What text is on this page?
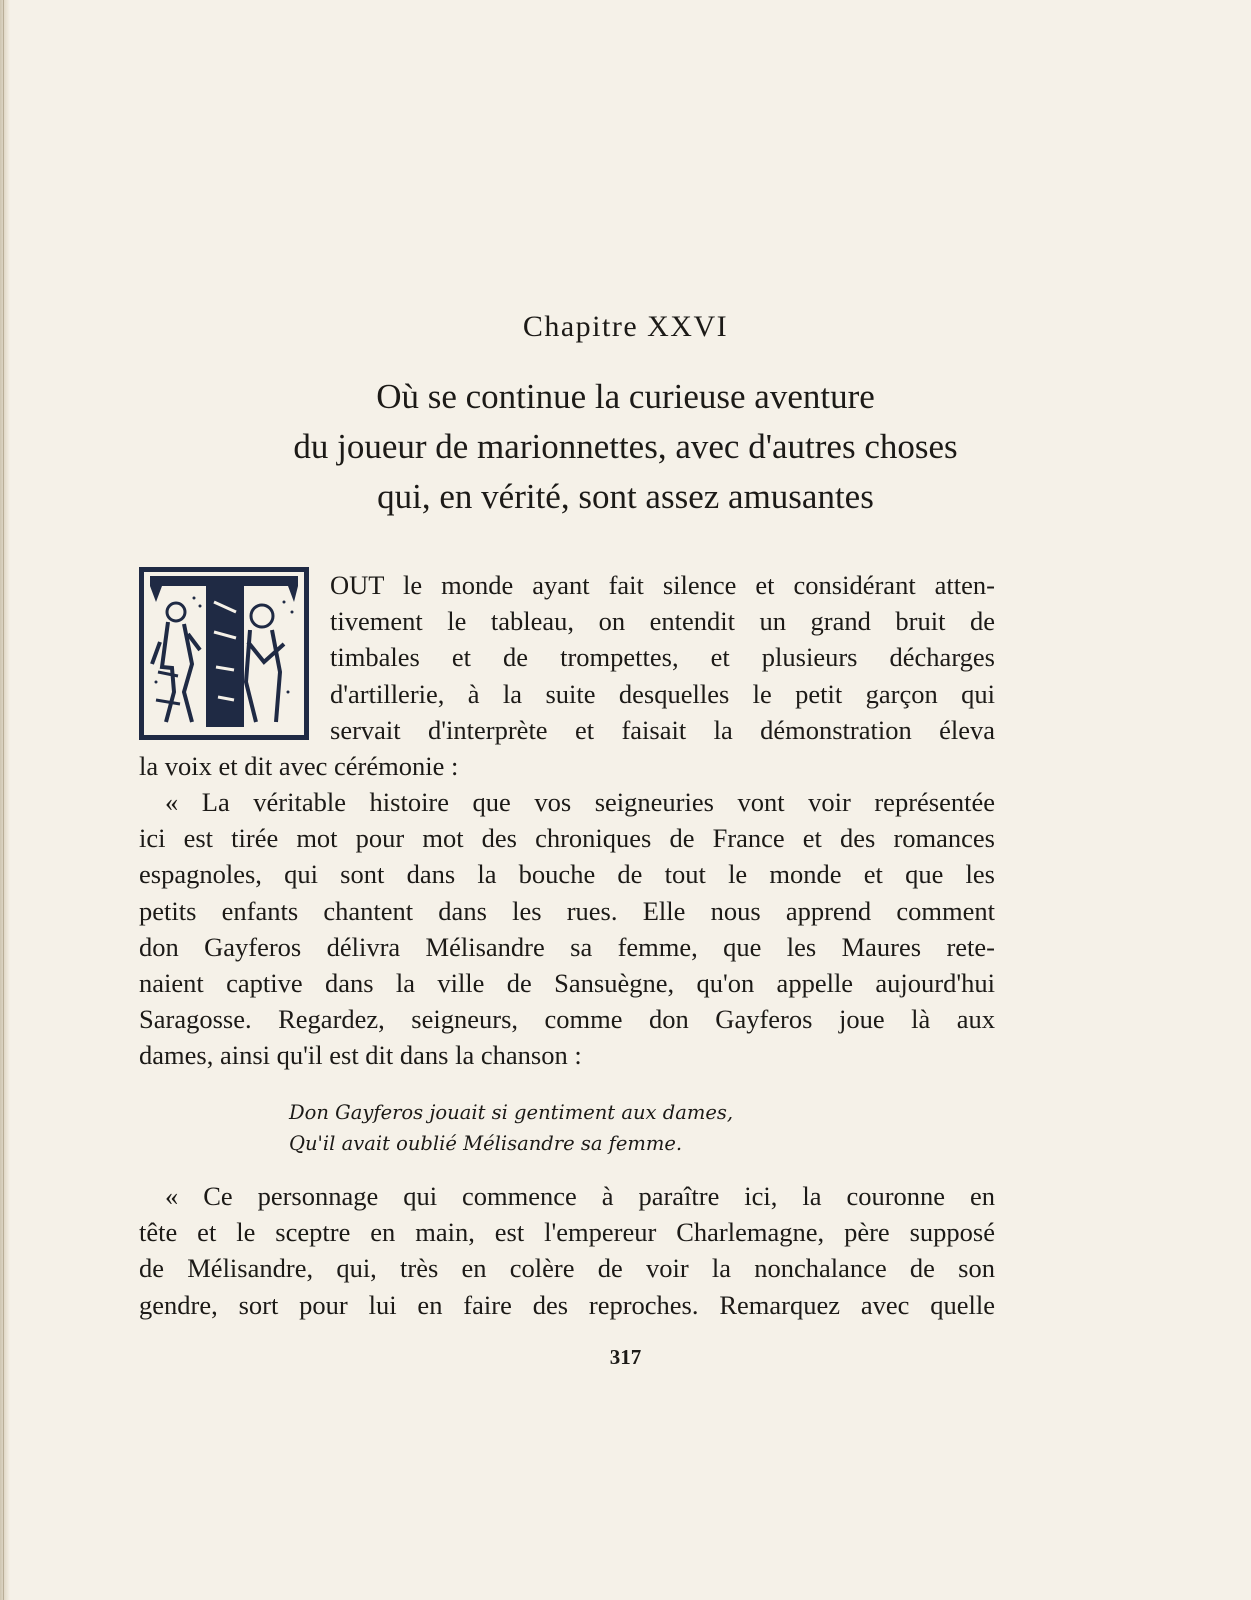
Chapitre XXVI
Où se continue la curieuse aventure
du joueur de marionnettes, avec d'autres choses
qui, en vérité, sont assez amusantes

OUT le monde ayant fait silence et considérant atten-

tivement le tableau, on entendit un grand bruit de

timbales et de trompettes, et plusieurs décharges

d'artillerie, à la suite desquelles le petit garçon qui

servait d'interprète et faisait la démonstration éleva

la voix et dit avec cérémonie :

« La véritable histoire que vos seigneuries vont voir représentée

ici est tirée mot pour mot des chroniques de France et des romances

espagnoles, qui sont dans la bouche de tout le monde et que les

petits enfants chantent dans les rues. Elle nous apprend comment

don Gayferos délivra Mélisandre sa femme, que les Maures rete-

naient captive dans la ville de Sansuègne, qu'on appelle aujourd'hui

Saragosse. Regardez, seigneurs, comme don Gayferos joue là aux

dames, ainsi qu'il est dit dans la chanson :

Don Gayferos jouait si gentiment aux dames,
Qu'il avait oublié Mélisandre sa femme.

« Ce personnage qui commence à paraître ici, la couronne en

tête et le sceptre en main, est l'empereur Charlemagne, père supposé

de Mélisandre, qui, très en colère de voir la nonchalance de son

gendre, sort pour lui en faire des reproches. Remarquez avec quelle

317
